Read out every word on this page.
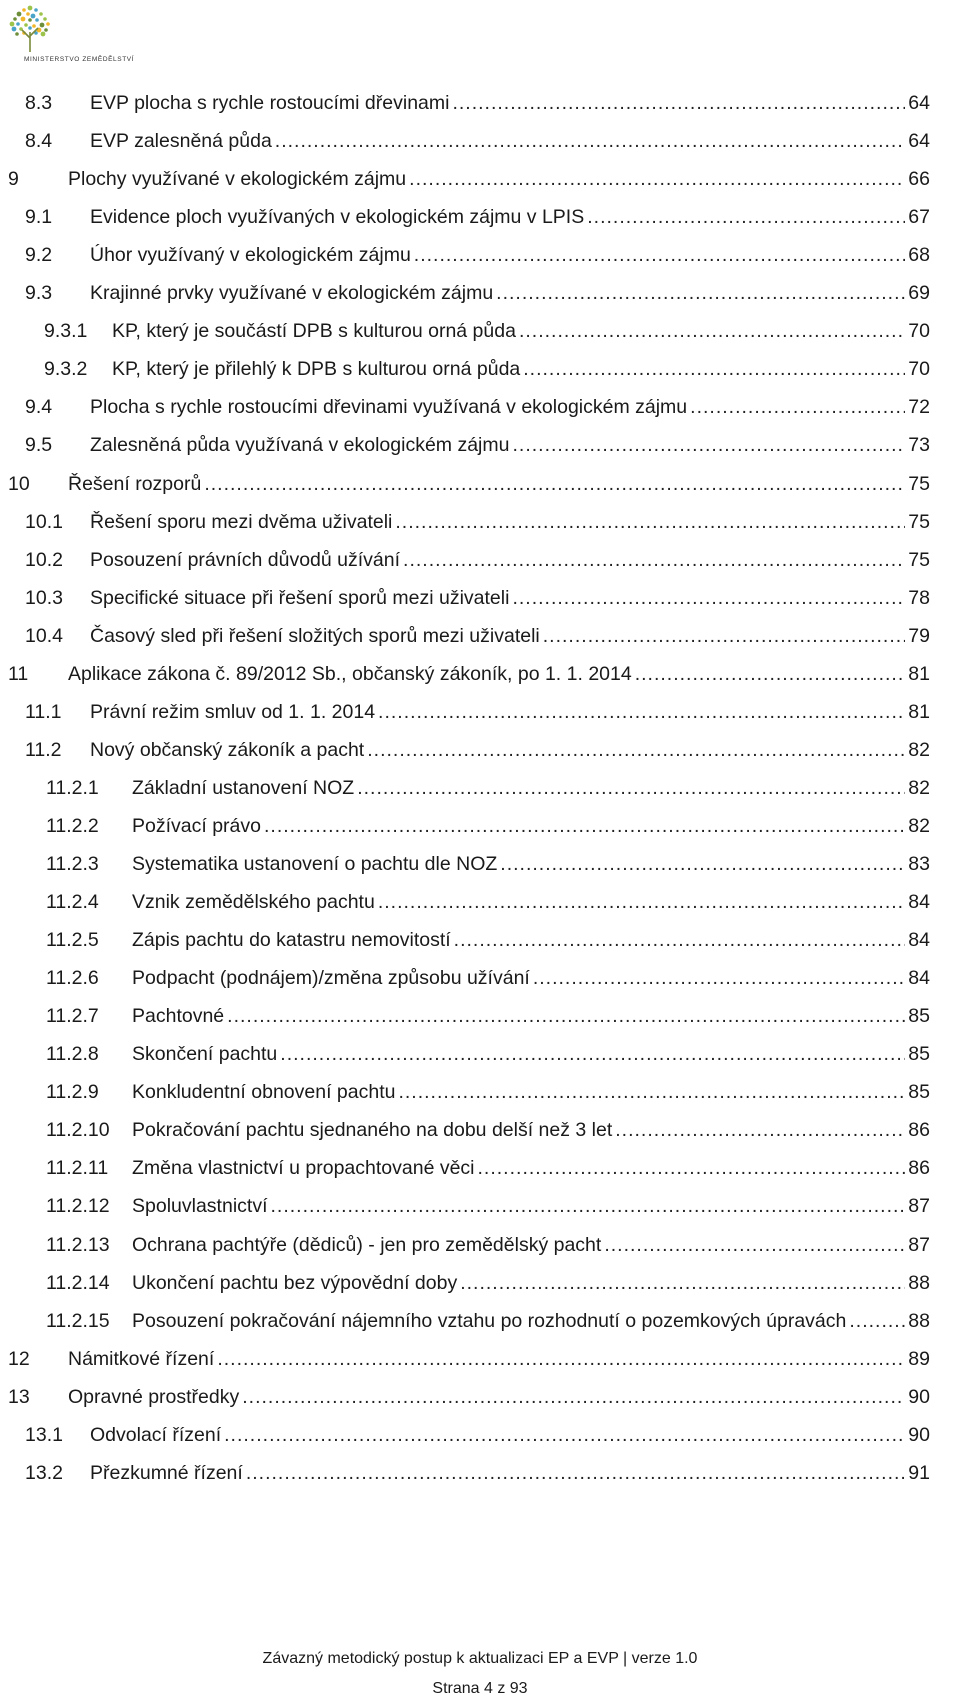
MINISTERSTVO ZEMĚDĚLSTVÍ
8.3 EVP plocha s rychle rostoucími dřevinami .....	64
8.4 EVP zalesněná půda .....	64
9	Plochy využívané v ekologickém zájmu .....	66
9.1 Evidence ploch využívaných v ekologickém zájmu v LPIS .....	67
9.2 Úhor využívaný v ekologickém zájmu .....	68
9.3 Krajinné prvky využívané v ekologickém zájmu .....	69
9.3.1 KP, který je součástí DPB s kulturou orná půda .....	70
9.3.2 KP, který je přilehlý k DPB s kulturou orná půda .....	70
9.4 Plocha s rychle rostoucími dřevinami využívaná v ekologickém zájmu .....	72
9.5 Zalesněná půda využívaná v ekologickém zájmu .....	73
10 Řešení rozporů .....	75
10.1 Řešení sporu mezi dvěma uživateli .....	75
10.2 Posouzení právních důvodů užívání .....	75
10.3 Specifické situace při řešení sporů mezi uživateli .....	78
10.4 Časový sled při řešení složitých sporů mezi uživateli .....	79
11 Aplikace zákona č. 89/2012 Sb., občanský zákoník, po 1. 1. 2014 .....	81
11.1 Právní režim smluv od 1. 1. 2014 .....	81
11.2 Nový občanský zákoník a pacht .....	82
11.2.1 Základní ustanovení NOZ .....	82
11.2.2 Požívací právo .....	82
11.2.3 Systematika ustanovení o pachtu dle NOZ .....	83
11.2.4 Vznik zemědělského pachtu .....	84
11.2.5 Zápis pachtu do katastru nemovitostí .....	84
11.2.6 Podpacht (podnájem)/změna způsobu užívání .....	84
11.2.7 Pachtovné .....	85
11.2.8 Skončení pachtu .....	85
11.2.9 Konkludentní obnovení pachtu .....	85
11.2.10 Pokračování pachtu sjednaného na dobu delší než 3 let .....	86
11.2.11 Změna vlastnictví u propachtované věci .....	86
11.2.12 Spoluvlastnictví .....	87
11.2.13 Ochrana pachtýře (dědiců) - jen pro zemědělský pacht .....	87
11.2.14 Ukončení pachtu bez výpovědní doby .....	88
11.2.15 Posouzení pokračování nájemního vztahu po rozhodnutí o pozemkových úpravách .....	88
12 Námitkové řízení .....	89
13 Opravné prostředky .....	90
13.1 Odvolací řízení .....	90
13.2 Přezkumné řízení .....	91
Závazný metodický postup k aktualizaci EP a EVP | verze 1.0
Strana 4 z 93
